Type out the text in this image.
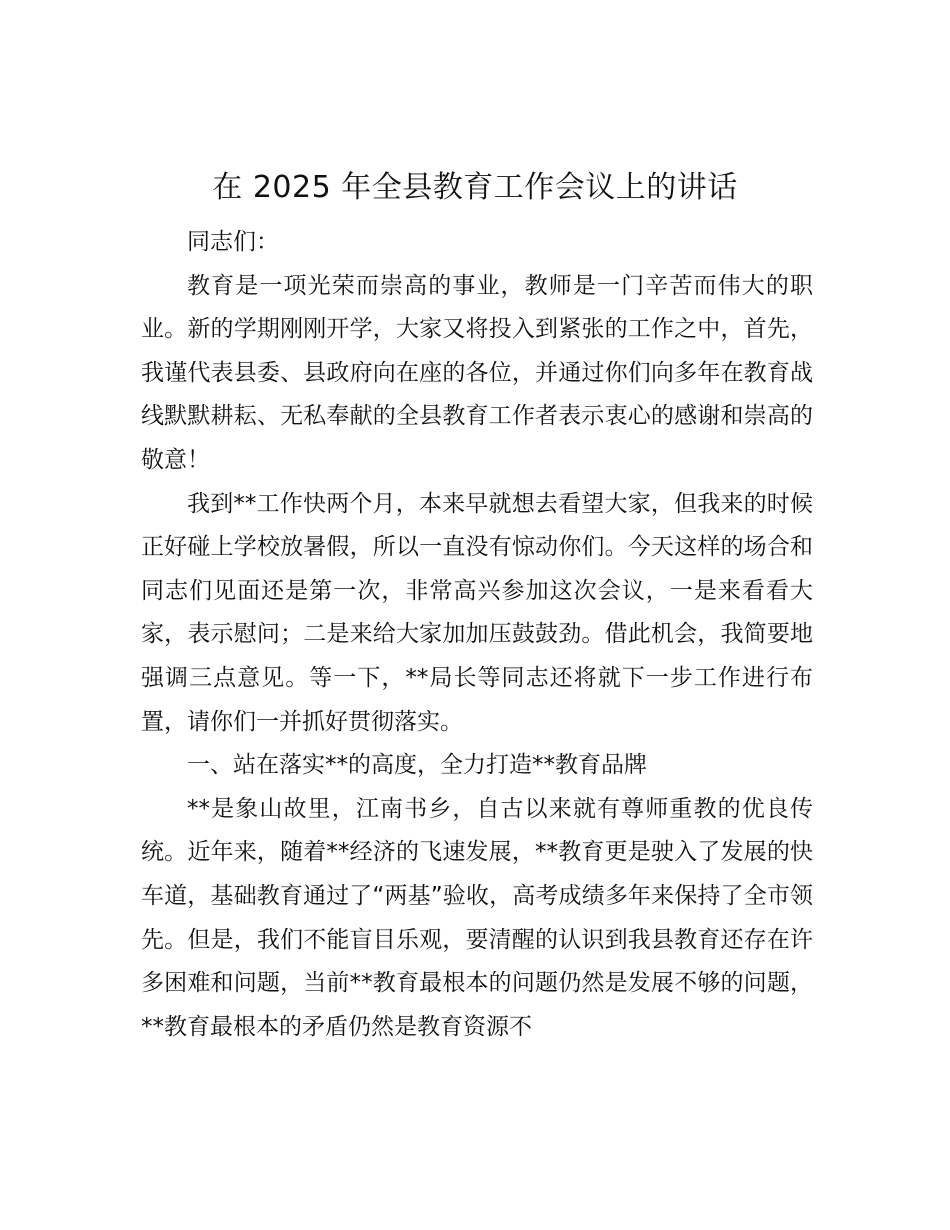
在 2025 年全县教育工作会议上的讲话

同志们：

教育是一项光荣而崇高的事业，教师是一门辛苦而伟大的职业。新的学期刚刚开学，大家又将投入到紧张的工作之中，首先，我谨代表县委、县政府向在座的各位，并通过你们向多年在教育战线默默耕耘、无私奉献的全县教育工作者表示衷心的感谢和崇高的敬意！

我到**工作快两个月，本来早就想去看望大家，但我来的时候正好碰上学校放暑假，所以一直没有惊动你们。今天这样的场合和同志们见面还是第一次，非常高兴参加这次会议，一是来看看大家，表示慰问；二是来给大家加加压鼓鼓劲。借此机会，我简要地强调三点意见。等一下，**局长等同志还将就下一步工作进行布置，请你们一并抓好贯彻落实。

一、站在落实**的高度，全力打造**教育品牌

**是象山故里，江南书乡，自古以来就有尊师重教的优良传统。近年来，随着**经济的飞速发展，**教育更是驶入了发展的快车道，基础教育通过了“两基”验收，高考成绩多年来保持了全市领先。但是，我们不能盲目乐观，要清醒的认识到我县教育还存在许多困难和问题，当前**教育最根本的问题仍然是发展不够的问题，**教育最根本的矛盾仍然是教育资源不
